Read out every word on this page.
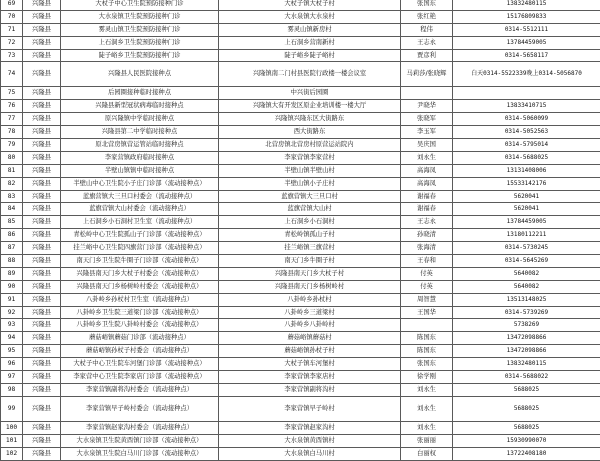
69	兴隆县	大杖子中心卫生院预防接种门诊	大杖子镇大杖子村	张国东	13832480115
70	兴隆县	大水泉镇卫生院预防接种门诊	大水泉镇大水泉村	张红艳	15176809833
71	兴隆县	雾灵山镇卫生院预防接种门诊	雾灵山镇新房村	程伟	0314-5512111
72	兴隆县	上石洞乡卫生院预防接种门诊	上石洞乡营南新村	王志永	13784459005
73	兴隆县	陡子峪乡卫生院预防接种门诊	陡子峪乡陡子峪村	贾彦利	0314-5658117
74	兴隆县	兴隆县人民医院接种点	兴隆镇南二门村县医院行政楼一楼会议室	马莉莎/张晓辉	白天0314-5522339晚上0314-5056870
75	兴隆县	后园圈接种临时接种点	中兴街后园圈		
76	兴隆县	兴隆县新型冠状病毒临时接种点	兴隆镇大有开发区原企业培训楼一楼大厅	尹晓华	13833410715
77	兴隆县	原兴隆镇中学临时接种点	兴隆镇兴隆东区大街路东	张晓军	0314-5060099
78	兴隆县	兴隆县第二中学临时接种点	西大街路东	李玉军	0314-5052563
79	兴隆县	原北营房镇营运管站临时接种点	北营房镇北营房村原营运站院内	吴庆国	0314-5795014
80	兴隆县	李家营镇政府临时接种点	李家营镇李家营村	刘永生	0314-5688025
81	兴隆县	半壁山镇镇中临时接种点	半壁山镇半壁山村	高海凤	13131408006
82	兴隆县	半壁山中心卫生院小子庄门诊部（流动接种点）	半壁山镇小子庄村	高海凤	15533142176
83	兴隆县	蓝旗营镇大三旦口村委会（流动接种点）	蓝旗营镇大三旦口村	谢福春	5620041
84	兴隆县	蓝旗营镇大山村委会（流动接种点）	蓝旗营镇大山村	谢福春	5620041
85	兴隆县	上石洞乡小石洞村卫生室（流动接种点）	上石洞乡小石洞村	王志永	13784459005
86	兴隆县	青松岭中心卫生院孤山子门诊部（流动接种点）	青松岭镇孤山子村	孙晓清	13180112211
87	兴隆县	挂兰峪中心卫生院四旗营门诊部（流动接种点）	挂兰峪镇三旗营村	张海清	0314-5730245
88	兴隆县	南天门乡卫生院牛圈子门诊部（流动接种点）	南天门乡牛圈子村	王春和	0314-5645269
89	兴隆县	兴隆县南天门乡大杖子村委会（流动接种点）	兴隆县南天门乡大杖子村	付英	5640082
90	兴隆县	兴隆县南天门乡杨树岭村委会（流动接种点）	兴隆县南天门乡杨树岭村	付英	5640082
91	兴隆县	八卦岭乡孙杖村卫生室（流动接种点）	八卦岭乡孙杖村	周智慧	13513148025
92	兴隆县	八卦岭乡卫生院三道梁门诊部（流动接种点）	八卦岭乡三道梁村	王国华	0314-5739269
93	兴隆县	八卦岭乡卫生院八卦岭村委会（流动接种点）	八卦岭乡八卦岭村		5738269
94	兴隆县	蘑菇峪镇蘑菇门诊部（流动接种点）	蘑菇峪镇蘑菇村	陈国东	13472098866
95	兴隆县	蘑菇峪镇孙杖子村委会（流动接种点）	蘑菇峪镇孙杖子村	陈国东	13472098866
96	兴隆县	大杖子中心卫生院车河堡门诊部（流动接种点）	大杖子镇车河堡村	张国东	13832480115
97	兴隆县	李家营中心卫生院李家店门诊部（流动接种点）	李家营镇李家店村	徐学刚	0314-5688022
98	兴隆县	李家营镇副将沟村委会（流动接种点）	李家营镇副将沟村	刘永生	5688025
99	兴隆县	李家营镇早子岭村委会（流动接种点）	李家营镇早子岭村	刘永生	5688025
100	兴隆县	李家营镇赵家沟村委会（流动接种点）	李家营镇赵家沟村	刘永生	5688025
101	兴隆县	大水泉镇卫生院黄酉镇门诊部（流动接种点）	大水泉镇黄酉镇村	张丽丽	15930990070
102	兴隆县	大水泉镇卫生院白马川门诊部（流动接种点）	大水泉镇白马川村	白丽权	13722408180
